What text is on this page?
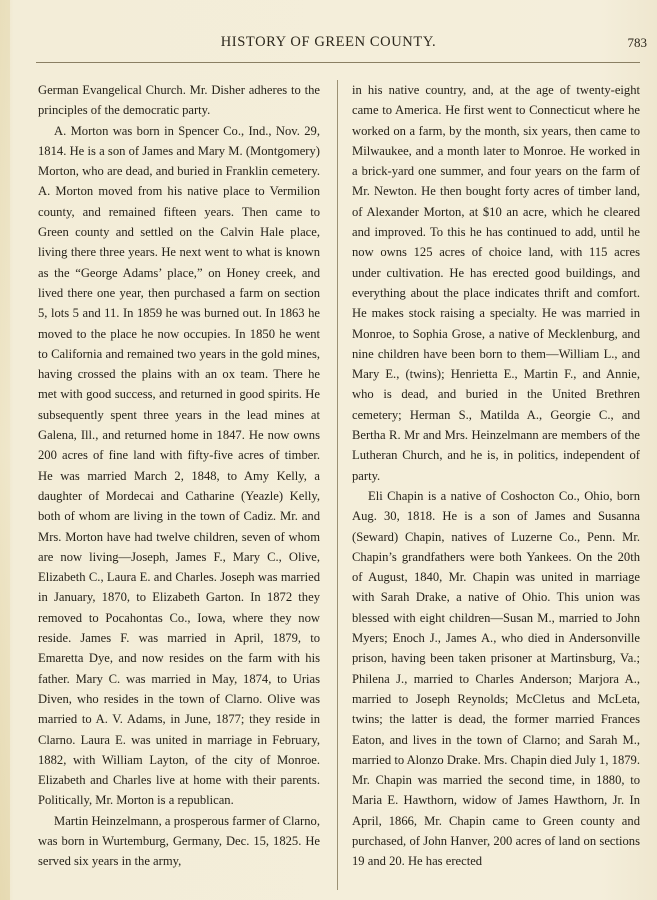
HISTORY OF GREEN COUNTY.	783

German Evangelical Church. Mr. Disher adheres to the principles of the democratic party.

A. Morton was born in Spencer Co., Ind., Nov. 29, 1814. He is a son of James and Mary M. (Montgomery) Morton, who are dead, and buried in Franklin cemetery. A. Morton moved from his native place to Vermilion county, and remained fifteen years. Then came to Green county and settled on the Calvin Hale place, living there three years. He next went to what is known as the “George Adams’ place,” on Honey creek, and lived there one year, then purchased a farm on section 5, lots 5 and 11. In 1859 he was burned out. In 1863 he moved to the place he now occupies. In 1850 he went to California and remained two years in the gold mines, having crossed the plains with an ox team. There he met with good success, and returned in good spirits. He subsequently spent three years in the lead mines at Galena, Ill., and returned home in 1847. He now owns 200 acres of fine land with fifty-five acres of timber. He was married March 2, 1848, to Amy Kelly, a daughter of Mordecai and Catharine (Yeazle) Kelly, both of whom are living in the town of Cadiz. Mr. and Mrs. Morton have had twelve children, seven of whom are now living—Joseph, James F., Mary C., Olive, Elizabeth C., Laura E. and Charles. Joseph was married in January, 1870, to Elizabeth Garton. In 1872 they removed to Pocahontas Co., Iowa, where they now reside. James F. was married in April, 1879, to Emaretta Dye, and now resides on the farm with his father. Mary C. was married in May, 1874, to Urias Diven, who resides in the town of Clarno. Olive was married to A. V. Adams, in June, 1877; they reside in Clarno. Laura E. was united in marriage in February, 1882, with William Layton, of the city of Monroe. Elizabeth and Charles live at home with their parents. Politically, Mr. Morton is a republican.

Martin Heinzelmann, a prosperous farmer of Clarno, was born in Wurtemburg, Germany, Dec. 15, 1825. He served six years in the army,

in his native country, and, at the age of twenty-eight came to America. He first went to Connecticut where he worked on a farm, by the month, six years, then came to Milwaukee, and a month later to Monroe. He worked in a brick-yard one summer, and four years on the farm of Mr. Newton. He then bought forty acres of timber land, of Alexander Morton, at $10 an acre, which he cleared and improved. To this he has continued to add, until he now owns 125 acres of choice land, with 115 acres under cultivation. He has erected good buildings, and everything about the place indicates thrift and comfort. He makes stock raising a specialty. He was married in Monroe, to Sophia Grose, a native of Mecklenburg, and nine children have been born to them—William L., and Mary E., (twins); Henrietta E., Martin F., and Annie, who is dead, and buried in the United Brethren cemetery; Herman S., Matilda A., Georgie C., and Bertha R. Mr and Mrs. Heinzelmann are members of the Lutheran Church, and he is, in politics, independent of party.

Eli Chapin is a native of Coshocton Co., Ohio, born Aug. 30, 1818. He is a son of James and Susanna (Seward) Chapin, natives of Luzerne Co., Penn. Mr. Chapin’s grandfathers were both Yankees. On the 20th of August, 1840, Mr. Chapin was united in marriage with Sarah Drake, a native of Ohio. This union was blessed with eight children—Susan M., married to John Myers; Enoch J., James A., who died in Andersonville prison, having been taken prisoner at Martinsburg, Va.; Philena J., married to Charles Anderson; Marjora A., married to Joseph Reynolds; McCletus and McLeta, twins; the latter is dead, the former married Frances Eaton, and lives in the town of Clarno; and Sarah M., married to Alonzo Drake. Mrs. Chapin died July 1, 1879. Mr. Chapin was married the second time, in 1880, to Maria E. Hawthorn, widow of James Hawthorn, Jr. In April, 1866, Mr. Chapin came to Green county and purchased, of John Hanver, 200 acres of land on sections 19 and 20. He has erected
